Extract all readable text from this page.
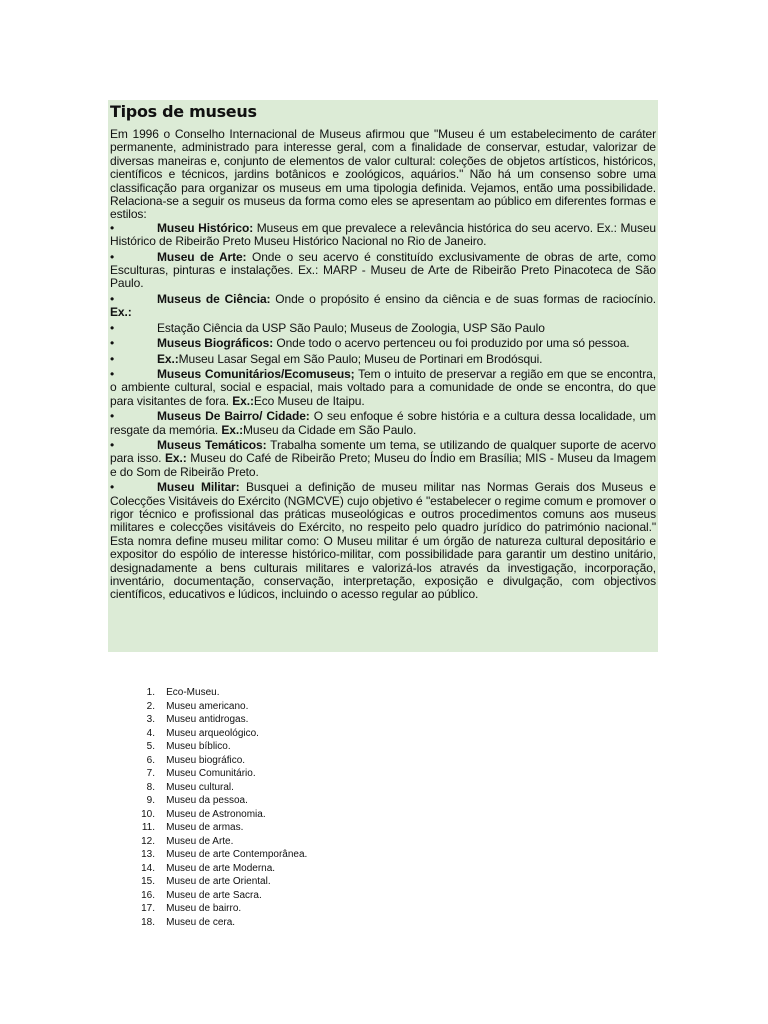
Tipos de museus

Em 1996 o Conselho Internacional de Museus afirmou que "Museu é um estabelecimento de caráter permanente, administrado para interesse geral, com a finalidade de conservar, estudar, valorizar de diversas maneiras e, conjunto de elementos de valor cultural: coleções de objetos artísticos, históricos, científicos e técnicos, jardins botânicos e zoológicos, aquários." Não há um consenso sobre uma classificação para organizar os museus em uma tipologia definida. Vejamos, então uma possibilidade. Relaciona-se a seguir os museus da forma como eles se apresentam ao público em diferentes formas e estilos:

•	Museu Histórico: Museus em que prevalece a relevância histórica do seu acervo. Ex.: Museu Histórico de Ribeirão Preto Museu Histórico Nacional no Rio de Janeiro.

•	Museu de Arte: Onde o seu acervo é constituído exclusivamente de obras de arte, como Esculturas, pinturas e instalações. Ex.: MARP - Museu de Arte de Ribeirão Preto Pinacoteca de São Paulo.

•	Museus de Ciência: Onde o propósito é ensino da ciência e de suas formas de raciocínio. Ex.:

•	Estação Ciência da USP São Paulo; Museus de Zoologia, USP São Paulo

•	Museus Biográficos: Onde todo o acervo pertenceu ou foi produzido por uma só pessoa.

•	Ex.:Museu Lasar Segal em São Paulo; Museu de Portinari em Brodósqui.

•	Museus Comunitários/Ecomuseus; Tem o intuito de preservar a região em que se encontra, o ambiente cultural, social e espacial, mais voltado para a comunidade de onde se encontra, do que para visitantes de fora. Ex.:Eco Museu de Itaipu.

•	Museus De Bairro/ Cidade: O seu enfoque é sobre história e a cultura dessa localidade, um resgate da memória. Ex.:Museu da Cidade em São Paulo.

•	Museus Temáticos: Trabalha somente um tema, se utilizando de qualquer suporte de acervo para isso. Ex.: Museu do Café de Ribeirão Preto; Museu do Índio em Brasília; MIS - Museu da Imagem e do Som de Ribeirão Preto.

•	Museu Militar: Busquei a definição de museu militar nas Normas Gerais dos Museus e Colecções Visitáveis do Exército (NGMCVE) cujo objetivo é "estabelecer o regime comum e promover o rigor técnico e profissional das práticas museológicas e outros procedimentos comuns aos museus militares e colecções visitáveis do Exército, no respeito pelo quadro jurídico do património nacional." Esta nomra define museu militar como: O Museu militar é um órgão de natureza cultural depositário e expositor do espólio de interesse histórico-militar, com possibilidade para garantir um destino unitário, designadamente a bens culturais militares e valorizá-los através da investigação, incorporação, inventário, documentação, conservação, interpretação, exposição e divulgação, com objectivos científicos, educativos e lúdicos, incluindo o acesso regular ao público.

1.
Eco-Museu.
2.
Museu americano.
3.
Museu antidrogas.
4.
Museu arqueológico.
5.
Museu bíblico.
6.
Museu biográfico.
7.
Museu Comunitário.
8.
Museu cultural.
9.
Museu da pessoa.
10.
Museu de Astronomia.
11.
Museu de armas.
12.
Museu de Arte.
13.
Museu de arte Contemporânea.
14.
Museu de arte Moderna.
15.
Museu de arte Oriental.
16.
Museu de arte Sacra.
17.
Museu de bairro.
18.
Museu de cera.
